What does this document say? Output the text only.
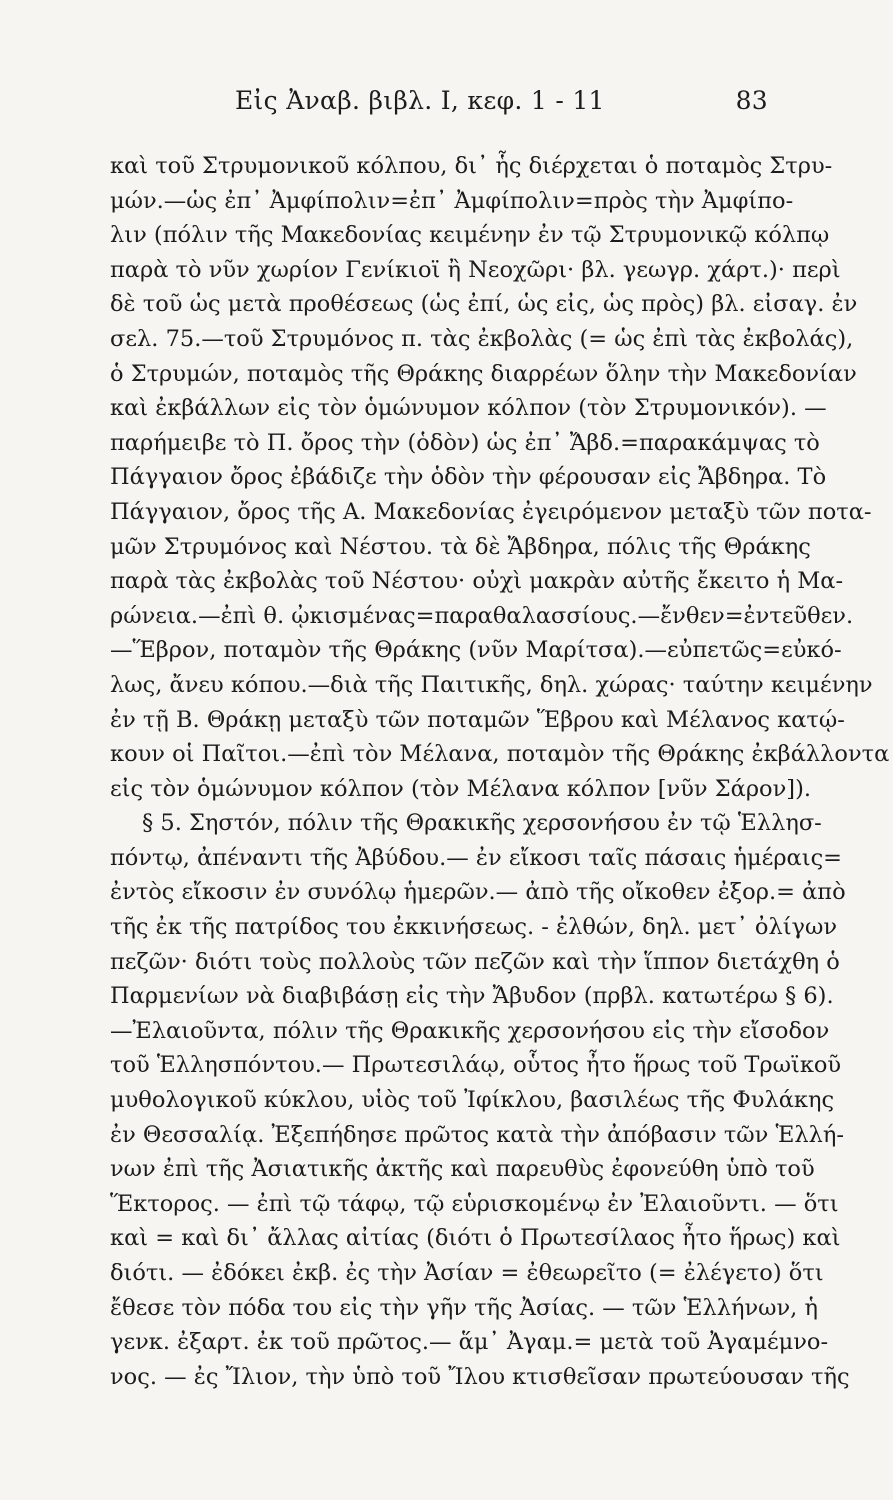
Εἰς Ἀναβ. βιβλ. Ι, κεφ. 1 - 11	83
καὶ τοῦ Στρυμονικοῦ κόλπου, δι᾽ ἧς διέρχεται ὁ ποταμὸς Στρυ-
μών.—ὡς ἐπ᾽ Ἀμφίπολιν=ἐπ᾽ Ἀμφίπολιν=πρὸς τὴν Ἀμφίπο-
λιν (πόλιν τῆς Μακεδονίας κειμένην ἐν τῷ Στρυμονικῷ κόλπῳ
παρὰ τὸ νῦν χωρίον Γενίκιοϊ ἢ Νεοχῶρι· βλ. γεωγρ. χάρτ.)· περὶ
δὲ τοῦ ὡς μετὰ προθέσεως (ὡς ἐπί, ὡς εἰς, ὡς πρὸς) βλ. εἰσαγ. ἐν
σελ. 75.—τοῦ Στρυμόνος π. τὰς ἐκβολὰς (= ὡς ἐπὶ τὰς ἐκβολάς),
ὁ Στρυμών, ποταμὸς τῆς Θράκης διαρρέων ὅλην τὴν Μακεδονίαν
καὶ ἐκβάλλων εἰς τὸν ὁμώνυμον κόλπον (τὸν Στρυμονικόν). —
παρήμειβε τὸ Π. ὄρος τὴν (ὁδὸν) ὡς ἐπ᾽ Ἄβδ.=παρακάμψας τὸ
Πάγγαιον ὄρος ἐβάδιζε τὴν ὁδὸν τὴν φέρουσαν εἰς Ἄβδηρα. Τὸ
Πάγγαιον, ὄρος τῆς Α. Μακεδονίας ἐγειρόμενον μεταξὺ τῶν ποτα-
μῶν Στρυμόνος καὶ Νέστου. τὰ δὲ Ἄβδηρα, πόλις τῆς Θράκης
παρὰ τὰς ἐκβολὰς τοῦ Νέστου· οὐχὶ μακρὰν αὐτῆς ἔκειτο ἡ Μα-
ρώνεια.—ἐπὶ θ. ᾠκισμένας=παραθαλασσίους.—ἔνθεν=ἐντεῦθεν.
—Ἕβρον, ποταμὸν τῆς Θράκης (νῦν Μαρίτσα).—εὐπετῶς=εὐκό-
λως, ἄνευ κόπου.—διὰ τῆς Παιτικῆς, δηλ. χώρας· ταύτην κειμένην
ἐν τῇ Β. Θράκῃ μεταξὺ τῶν ποταμῶν Ἕβρου καὶ Μέλανος κατῴ-
κουν οἱ Παῖτοι.—ἐπὶ τὸν Μέλανα, ποταμὸν τῆς Θράκης ἐκβάλλοντα
εἰς τὸν ὁμώνυμον κόλπον (τὸν Μέλανα κόλπον [νῦν Σάρον]).
§ 5. Σηστόν, πόλιν τῆς Θρακικῆς χερσονήσου ἐν τῷ Ἑλλησ-
πόντῳ, ἀπέναντι τῆς Ἀβύδου.— ἐν εἴκοσι ταῖς πάσαις ἡμέραις=
ἐντὸς εἴκοσιν ἐν συνόλῳ ἡμερῶν.— ἀπὸ τῆς οἴκοθεν ἐξορ.= ἀπὸ
τῆς ἐκ τῆς πατρίδος του ἐκκινήσεως. - ἐλθών, δηλ. μετ᾽ ὀλίγων
πεζῶν· διότι τοὺς πολλοὺς τῶν πεζῶν καὶ τὴν ἵππον διετάχθη ὁ
Παρμενίων νὰ διαβιβάσῃ εἰς τὴν Ἄβυδον (πρβλ. κατωτέρω § 6).
—Ἐλαιοῦντα, πόλιν τῆς Θρακικῆς χερσονήσου εἰς τὴν εἴσοδον
τοῦ Ἑλλησπόντου.— Πρωτεσιλάῳ, οὗτος ἦτο ἥρως τοῦ Τρωϊκοῦ
μυθολογικοῦ κύκλου, υἱὸς τοῦ Ἰφίκλου, βασιλέως τῆς Φυλάκης
ἐν Θεσσαλίᾳ. Ἐξεπήδησε πρῶτος κατὰ τὴν ἀπόβασιν τῶν Ἑλλή-
νων ἐπὶ τῆς Ἀσιατικῆς ἀκτῆς καὶ παρευθὺς ἐφονεύθη ὑπὸ τοῦ
Ἕκτορος. — ἐπὶ τῷ τάφῳ, τῷ εὑρισκομένῳ ἐν Ἐλαιοῦντι. — ὅτι
καὶ = καὶ δι᾽ ἄλλας αἰτίας (διότι ὁ Πρωτεσίλαος ἦτο ἥρως) καὶ
διότι. — ἐδόκει ἐκβ. ἐς τὴν Ἀσίαν = ἐθεωρεῖτο (= ἐλέγετο) ὅτι
ἔθεσε τὸν πόδα του εἰς τὴν γῆν τῆς Ἀσίας. — τῶν Ἑλλήνων, ἡ
γενκ. ἐξαρτ. ἐκ τοῦ πρῶτος.— ἅμ᾽ Ἀγαμ.= μετὰ τοῦ Ἀγαμέμνο-
νος. — ἐς Ἴλιον, τὴν ὑπὸ τοῦ Ἴλου κτισθεῖσαν πρωτεύουσαν τῆς
